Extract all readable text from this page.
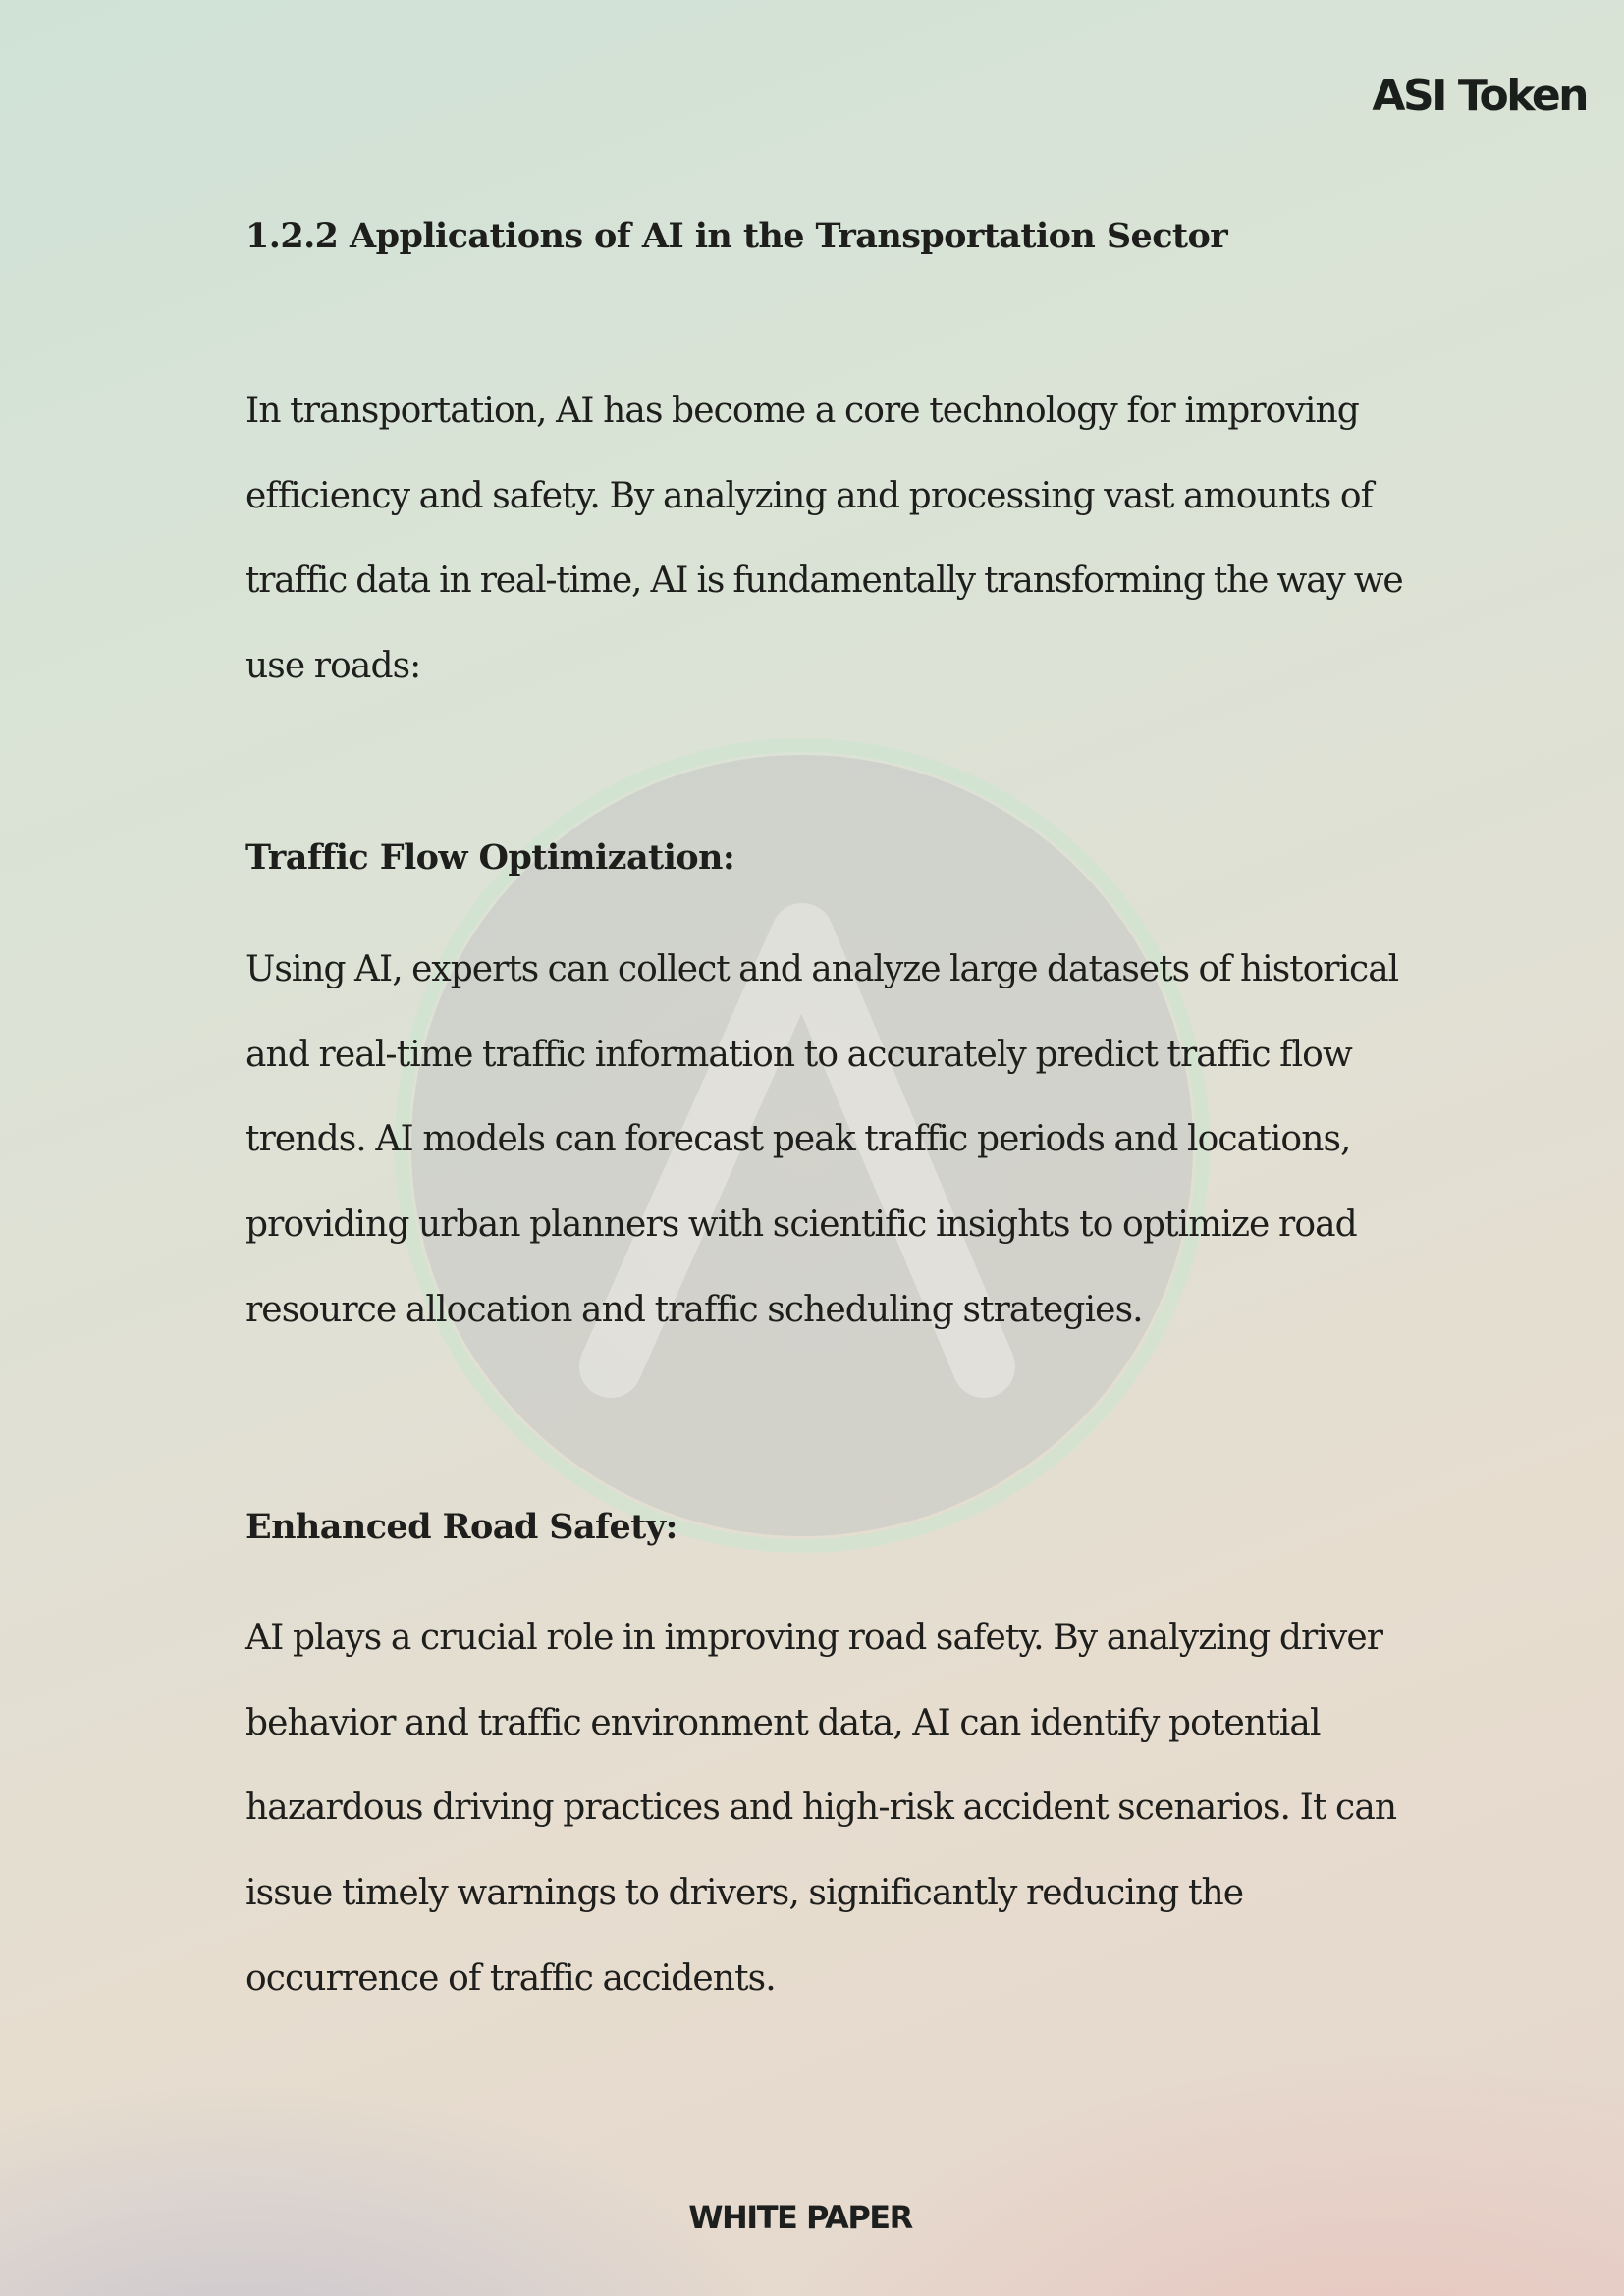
ASI Token
1.2.2 Applications of AI in the Transportation Sector
In transportation, AI has become a core technology for improving
efficiency and safety. By analyzing and processing vast amounts of
traffic data in real-time, AI is fundamentally transforming the way we
use roads:
Traffic Flow Optimization:
Using AI, experts can collect and analyze large datasets of historical
and real-time traffic information to accurately predict traffic flow
trends. AI models can forecast peak traffic periods and locations,
providing urban planners with scientific insights to optimize road
resource allocation and traffic scheduling strategies.
Enhanced Road Safety:
AI plays a crucial role in improving road safety. By analyzing driver
behavior and traffic environment data, AI can identify potential
hazardous driving practices and high-risk accident scenarios. It can
issue timely warnings to drivers, significantly reducing the
occurrence of traffic accidents.
WHITE PAPER
